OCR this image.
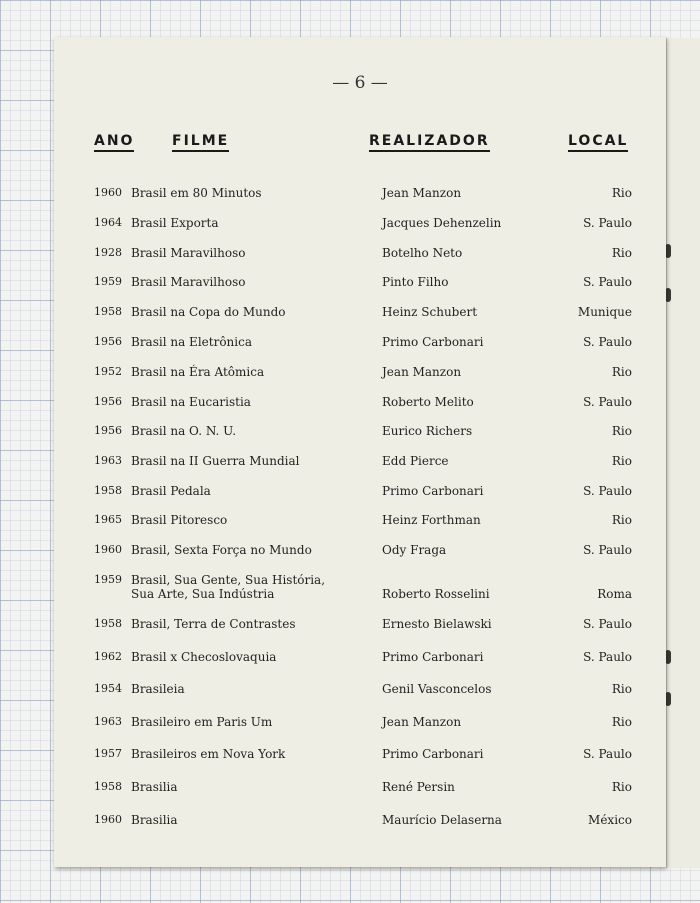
— 6 —
ANO	FILME	REALIZADOR	LOCAL
1960 Brasil em 80 Minutos	Jean Manzon	Rio
1964 Brasil Exporta	Jacques Dehenzelin	S. Paulo
1928 Brasil Maravilhoso	Botelho Neto	Rio
1959 Brasil Maravilhoso	Pinto Filho	S. Paulo
1958 Brasil na Copa do Mundo	Heinz Schubert	Munique
1956 Brasil na Eletrônica	Primo Carbonari	S. Paulo
1952 Brasil na Éra Atômica	Jean Manzon	Rio
1956 Brasil na Eucaristia	Roberto Melito	S. Paulo
1956 Brasil na O. N. U.	Eurico Richers	Rio
1963 Brasil na II Guerra Mundial	Edd Pierce	Rio
1958 Brasil Pedala	Primo Carbonari	S. Paulo
1965 Brasil Pitoresco	Heinz Forthman	Rio
1960 Brasil, Sexta Força no Mundo	Ody Fraga	S. Paulo
1959 Brasil, Sua Gente, Sua História,
Sua Arte, Sua Indústria	Roberto Rosselini	Roma
1958 Brasil, Terra de Contrastes	Ernesto Bielawski	S. Paulo
1962 Brasil x Checoslovaquia	Primo Carbonari	S. Paulo
1954 Brasileia	Genil Vasconcelos	Rio
1963 Brasileiro em Paris Um	Jean Manzon	Rio
1957 Brasileiros em Nova York	Primo Carbonari	S. Paulo
1958 Brasilia	René Persin	Rio
1960 Brasilia	Maurício Delaserna	México
